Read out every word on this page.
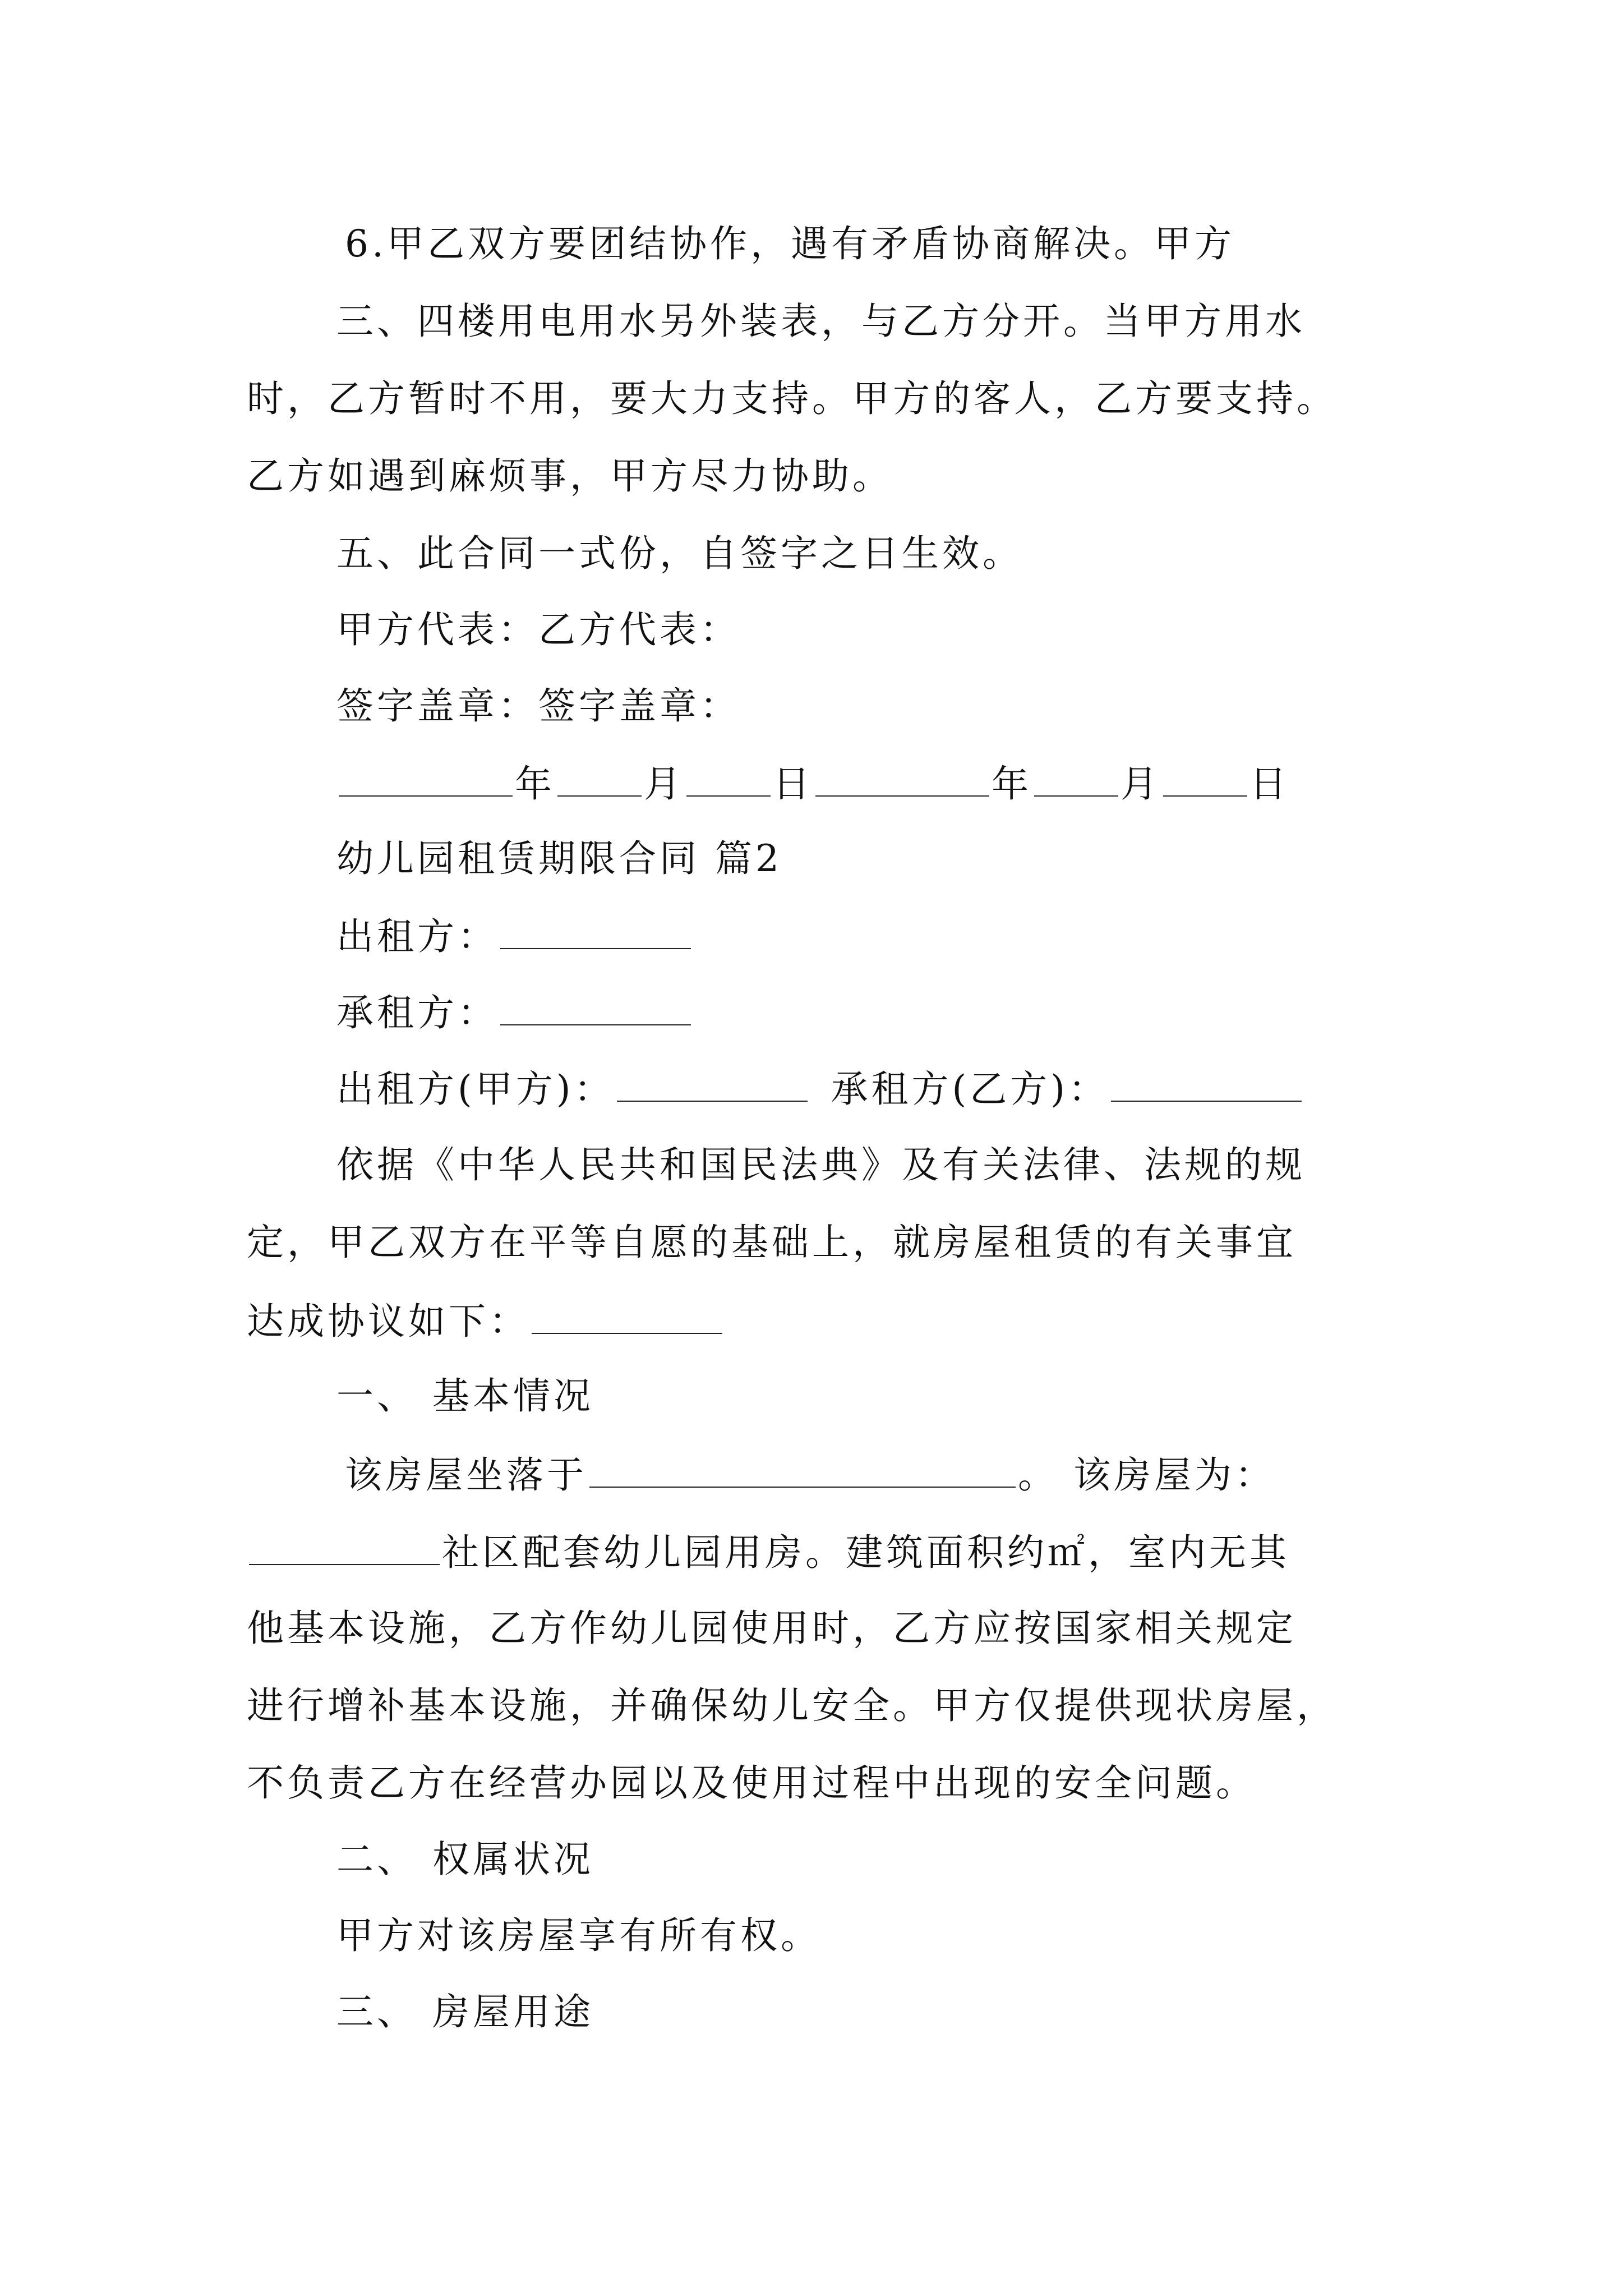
6.甲乙双方要团结协作，遇有矛盾协商解决。甲方
三、四楼用电用水另外装表，与乙方分开。当甲方用水
时，乙方暂时不用，要大力支持。甲方的客人，乙方要支持。
乙方如遇到麻烦事，甲方尽力协助。
五、此合同一式份，自签字之日生效。
甲方代表：乙方代表：
签字盖章：签字盖章：
年 月 日	年 月 日
幼儿园租赁期限合同 篇2
出租方：
承租方：
出租方(甲方)：	承租方(乙方)：
依据《中华人民共和国民法典》及有关法律、法规的规
定，甲乙双方在平等自愿的基础上，就房屋租赁的有关事宜
达成协议如下：
一、 基本情况
该房屋坐落于	。 该房屋为：
社区配套幼儿园用房。建筑面积约㎡，室内无其
他基本设施，乙方作幼儿园使用时，乙方应按国家相关规定
进行增补基本设施，并确保幼儿安全。甲方仅提供现状房屋，
不负责乙方在经营办园以及使用过程中出现的安全问题。
二、 权属状况
甲方对该房屋享有所有权。
三、 房屋用途
